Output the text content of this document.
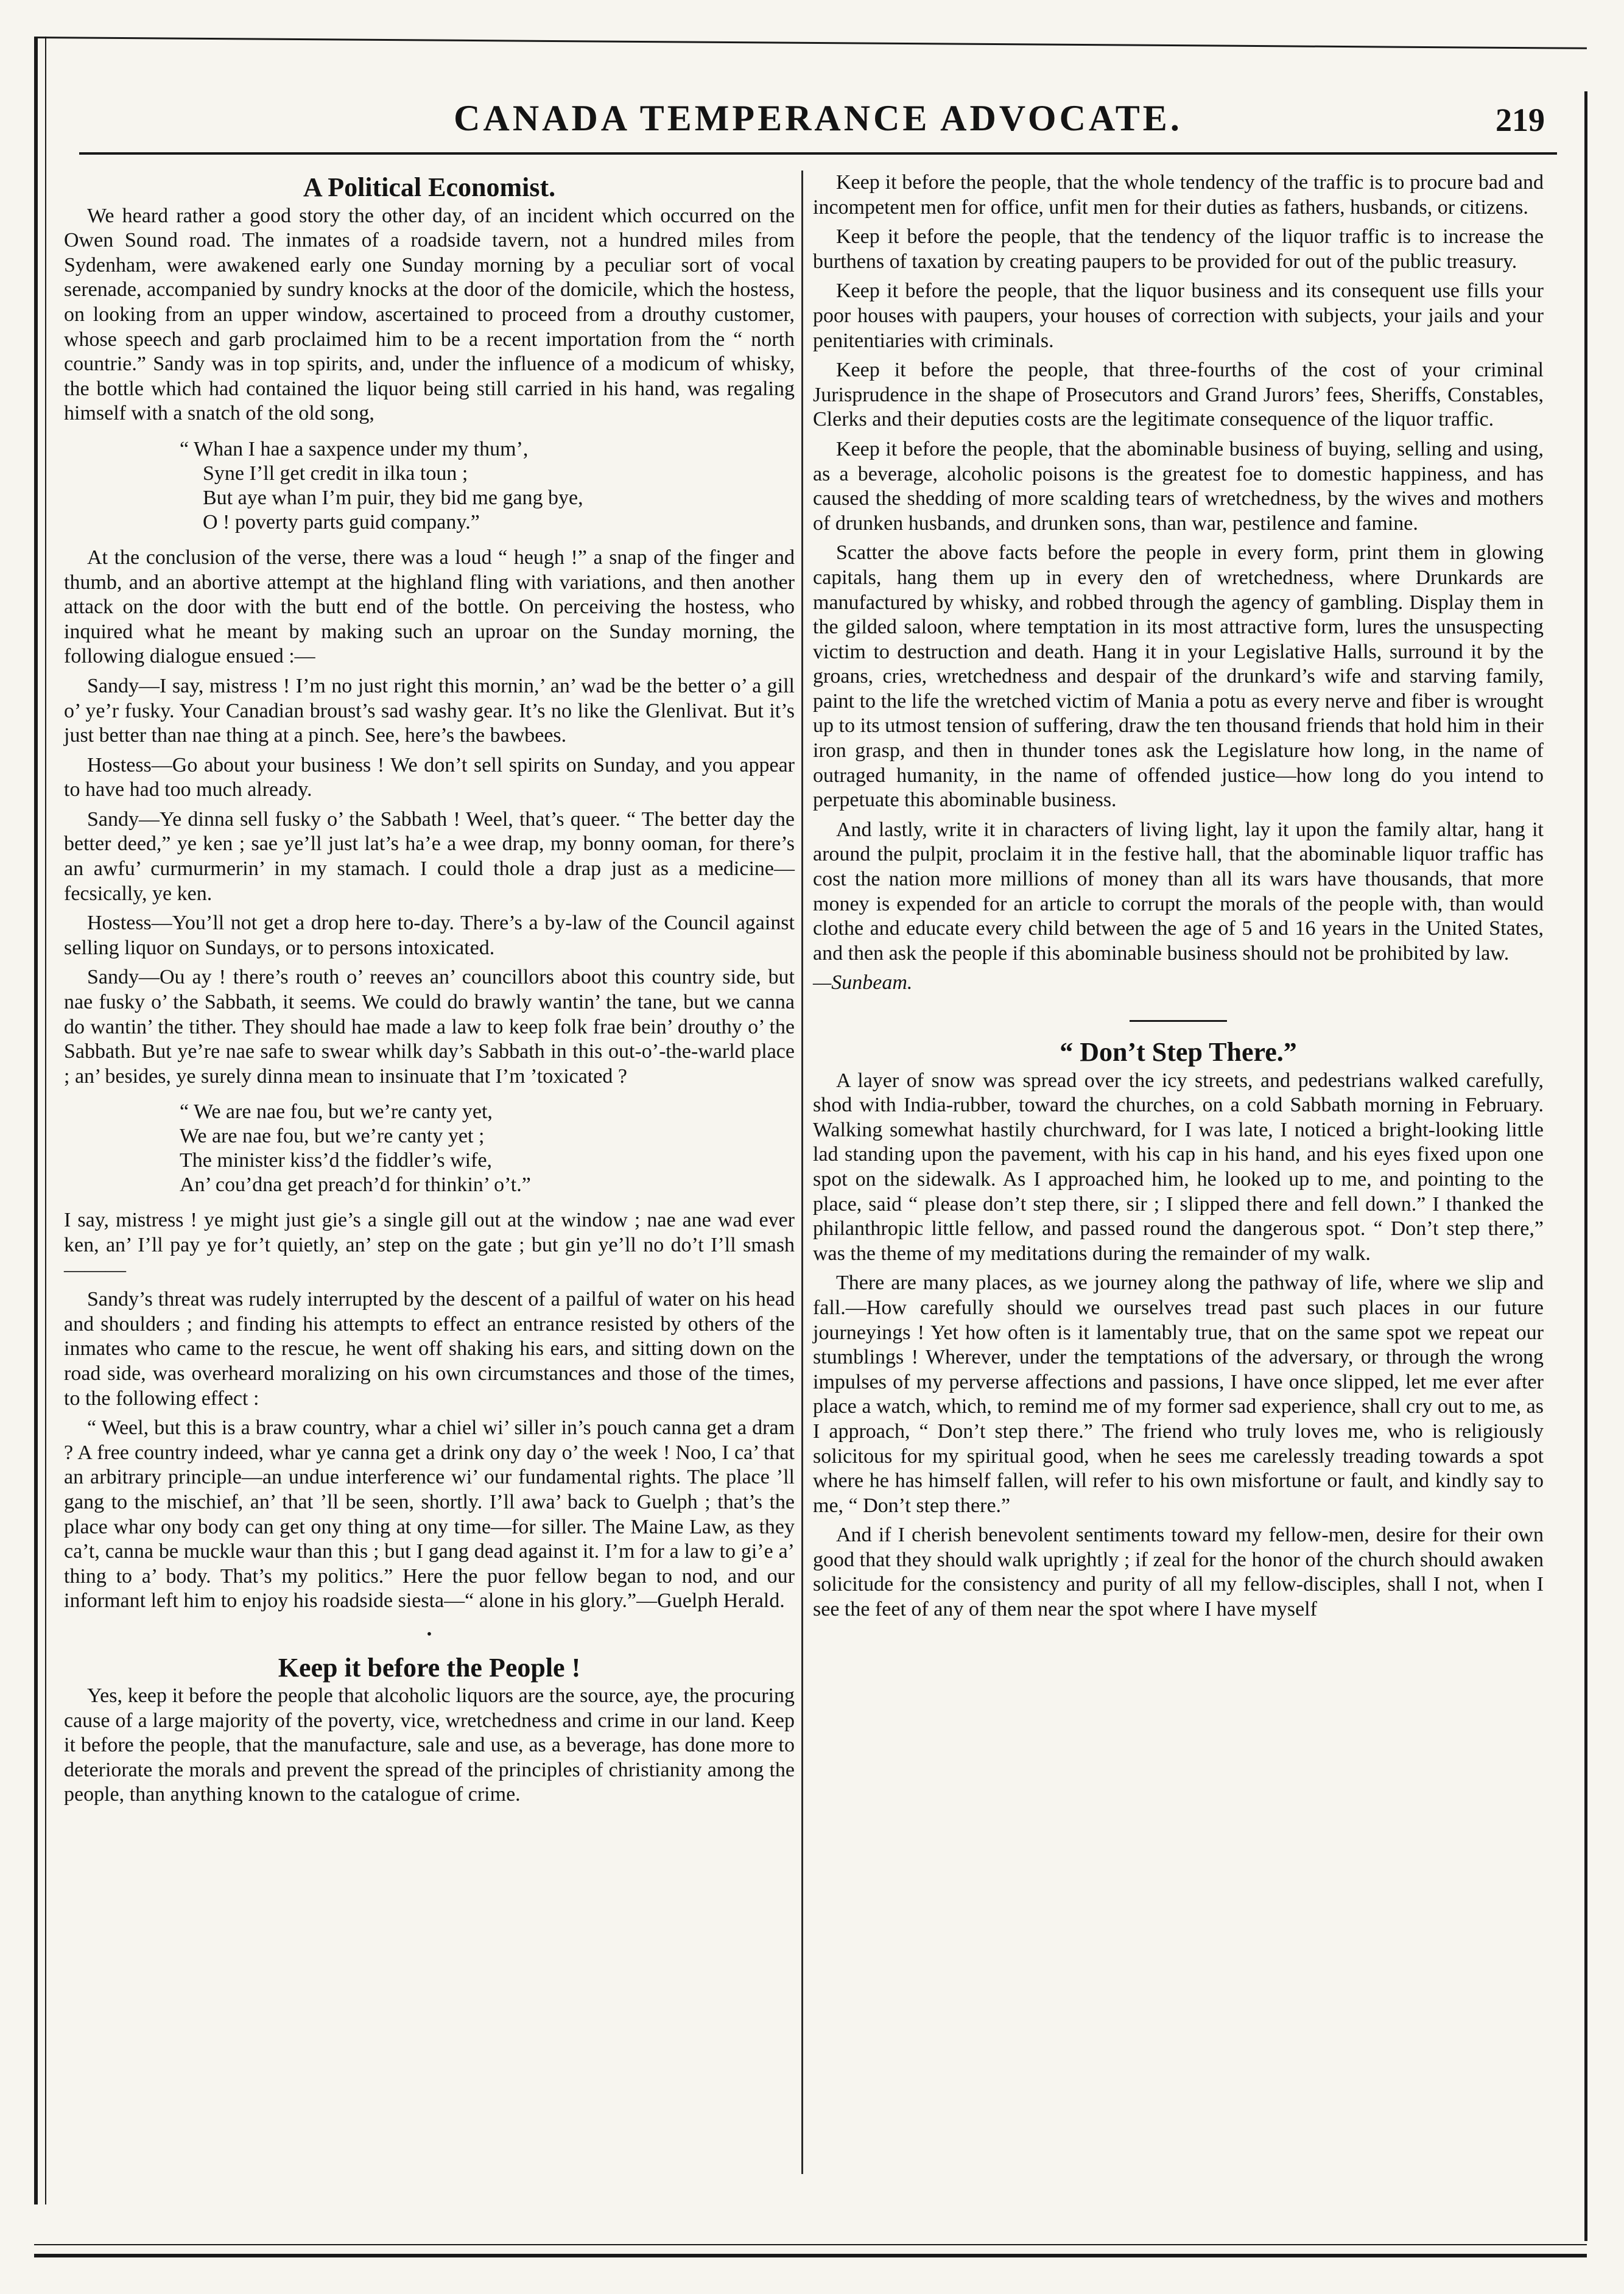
CANADA TEMPERANCE ADVOCATE.	219
A Political Economist.

We heard rather a good story the other day, of an incident which occurred on the Owen Sound road. The inmates of a roadside tavern, not a hundred miles from Sydenham, were awakened early one Sunday morning by a peculiar sort of vocal serenade, accompanied by sundry knocks at the door of the domicile, which the hostess, on looking from an upper window, ascertained to proceed from a drouthy customer, whose speech and garb proclaimed him to be a recent importation from the “ north countrie.” Sandy was in top spirits, and, under the influence of a modicum of whisky, the bottle which had contained the liquor being still carried in his hand, was regaling himself with a snatch of the old song,

“ Whan I hae a saxpence under my thum’,
Syne I’ll get credit in ilka toun ;
But aye whan I’m puir, they bid me gang bye,
O ! poverty parts guid company.”

At the conclusion of the verse, there was a loud “ heugh !” a snap of the finger and thumb, and an abortive attempt at the highland fling with variations, and then another attack on the door with the butt end of the bottle. On perceiving the hostess, who inquired what he meant by making such an uproar on the Sunday morning, the following dialogue ensued :—

Sandy—I say, mistress ! I’m no just right this mornin,’ an’ wad be the better o’ a gill o’ ye’r fusky. Your Canadian broust’s sad washy gear. It’s no like the Glenlivat. But it’s just better than nae thing at a pinch. See, here’s the bawbees.

Hostess—Go about your business ! We don’t sell spirits on Sunday, and you appear to have had too much already.

Sandy—Ye dinna sell fusky o’ the Sabbath ! Weel, that’s queer. “ The better day the better deed,” ye ken ; sae ye’ll just lat’s ha’e a wee drap, my bonny ooman, for there’s an awfu’ curmurmerin’ in my stamach. I could thole a drap just as a medicine—fecsically, ye ken.

Hostess—You’ll not get a drop here to-day. There’s a by-law of the Council against selling liquor on Sundays, or to persons intoxicated.

Sandy—Ou ay ! there’s routh o’ reeves an’ councillors aboot this country side, but nae fusky o’ the Sabbath, it seems. We could do brawly wantin’ the tane, but we canna do wantin’ the tither. They should hae made a law to keep folk frae bein’ drouthy o’ the Sabbath. But ye’re nae safe to swear whilk day’s Sabbath in this out-o’-the-warld place ; an’ besides, ye surely dinna mean to insinuate that I’m ’toxicated ?

“ We are nae fou, but we’re canty yet,
We are nae fou, but we’re canty yet ;
The minister kiss’d the fiddler’s wife,
An’ cou’dna get preach’d for thinkin’ o’t.”

I say, mistress ! ye might just gie’s a single gill out at the window ; nae ane wad ever ken, an’ I’ll pay ye for’t quietly, an’ step on the gate ; but gin ye’ll no do’t I’ll smash———

Sandy’s threat was rudely interrupted by the descent of a pailful of water on his head and shoulders ; and finding his attempts to effect an entrance resisted by others of the inmates who came to the rescue, he went off shaking his ears, and sitting down on the road side, was overheard moralizing on his own circumstances and those of the times, to the following effect :

“ Weel, but this is a braw country, whar a chiel wi’ siller in’s pouch canna get a dram ? A free country indeed, whar ye canna get a drink ony day o’ the week ! Noo, I ca’ that an arbitrary principle—an undue interference wi’ our fundamental rights. The place ’ll gang to the mischief, an’ that ’ll be seen, shortly. I’ll awa’ back to Guelph ; that’s the place whar ony body can get ony thing at ony time—for siller. The Maine Law, as they ca’t, canna be muckle waur than this ; but I gang dead against it. I’m for a law to gi’e a’ thing to a’ body. That’s my politics.” Here the puor fellow began to nod, and our informant left him to enjoy his roadside siesta—“ alone in his glory.”—Guelph Herald.

•
Keep it before the People !

Yes, keep it before the people that alcoholic liquors are the source, aye, the procuring cause of a large majority of the poverty, vice, wretchedness and crime in our land. Keep it before the people, that the manufacture, sale and use, as a beverage, has done more to deteriorate the morals and prevent the spread of the principles of christianity among the people, than anything known to the catalogue of crime.

Keep it before the people, that the whole tendency of the traffic is to procure bad and incompetent men for office, unfit men for their duties as fathers, husbands, or citizens.

Keep it before the people, that the tendency of the liquor traffic is to increase the burthens of taxation by creating paupers to be provided for out of the public treasury.

Keep it before the people, that the liquor business and its consequent use fills your poor houses with paupers, your houses of correction with subjects, your jails and your penitentiaries with criminals.

Keep it before the people, that three-fourths of the cost of your criminal Jurisprudence in the shape of Prosecutors and Grand Jurors’ fees, Sheriffs, Constables, Clerks and their deputies costs are the legitimate consequence of the liquor traffic.

Keep it before the people, that the abominable business of buying, selling and using, as a beverage, alcoholic poisons is the greatest foe to domestic happiness, and has caused the shedding of more scalding tears of wretchedness, by the wives and mothers of drunken husbands, and drunken sons, than war, pestilence and famine.

Scatter the above facts before the people in every form, print them in glowing capitals, hang them up in every den of wretchedness, where Drunkards are manufactured by whisky, and robbed through the agency of gambling. Display them in the gilded saloon, where temptation in its most attractive form, lures the unsuspecting victim to destruction and death. Hang it in your Legislative Halls, surround it by the groans, cries, wretchedness and despair of the drunkard’s wife and starving family, paint to the life the wretched victim of Mania a potu as every nerve and fiber is wrought up to its utmost tension of suffering, draw the ten thousand friends that hold him in their iron grasp, and then in thunder tones ask the Legislature how long, in the name of outraged humanity, in the name of offended justice—how long do you intend to perpetuate this abominable business.

And lastly, write it in characters of living light, lay it upon the family altar, hang it around the pulpit, proclaim it in the festive hall, that the abominable liquor traffic has cost the nation more millions of money than all its wars have thousands, that more money is expended for an article to corrupt the morals of the people with, than would clothe and educate every child between the age of 5 and 16 years in the United States, and then ask the people if this abominable business should not be prohibited by law.

—Sunbeam.

“ Don’t Step There.”

A layer of snow was spread over the icy streets, and pedestrians walked carefully, shod with India-rubber, toward the churches, on a cold Sabbath morning in February. Walking somewhat hastily churchward, for I was late, I noticed a bright-looking little lad standing upon the pavement, with his cap in his hand, and his eyes fixed upon one spot on the sidewalk. As I approached him, he looked up to me, and pointing to the place, said “ please don’t step there, sir ; I slipped there and fell down.” I thanked the philanthropic little fellow, and passed round the dangerous spot. “ Don’t step there,” was the theme of my meditations during the remainder of my walk.

There are many places, as we journey along the pathway of life, where we slip and fall.—How carefully should we ourselves tread past such places in our future journeyings ! Yet how often is it lamentably true, that on the same spot we repeat our stumblings ! Wherever, under the temptations of the adversary, or through the wrong impulses of my perverse affections and passions, I have once slipped, let me ever after place a watch, which, to remind me of my former sad experience, shall cry out to me, as I approach, “ Don’t step there.” The friend who truly loves me, who is religiously solicitous for my spiritual good, when he sees me carelessly treading towards a spot where he has himself fallen, will refer to his own misfortune or fault, and kindly say to me, “ Don’t step there.”

And if I cherish benevolent sentiments toward my fellow-men, desire for their own good that they should walk uprightly ; if zeal for the honor of the church should awaken solicitude for the consistency and purity of all my fellow-disciples, shall I not, when I see the feet of any of them near the spot where I have myself
